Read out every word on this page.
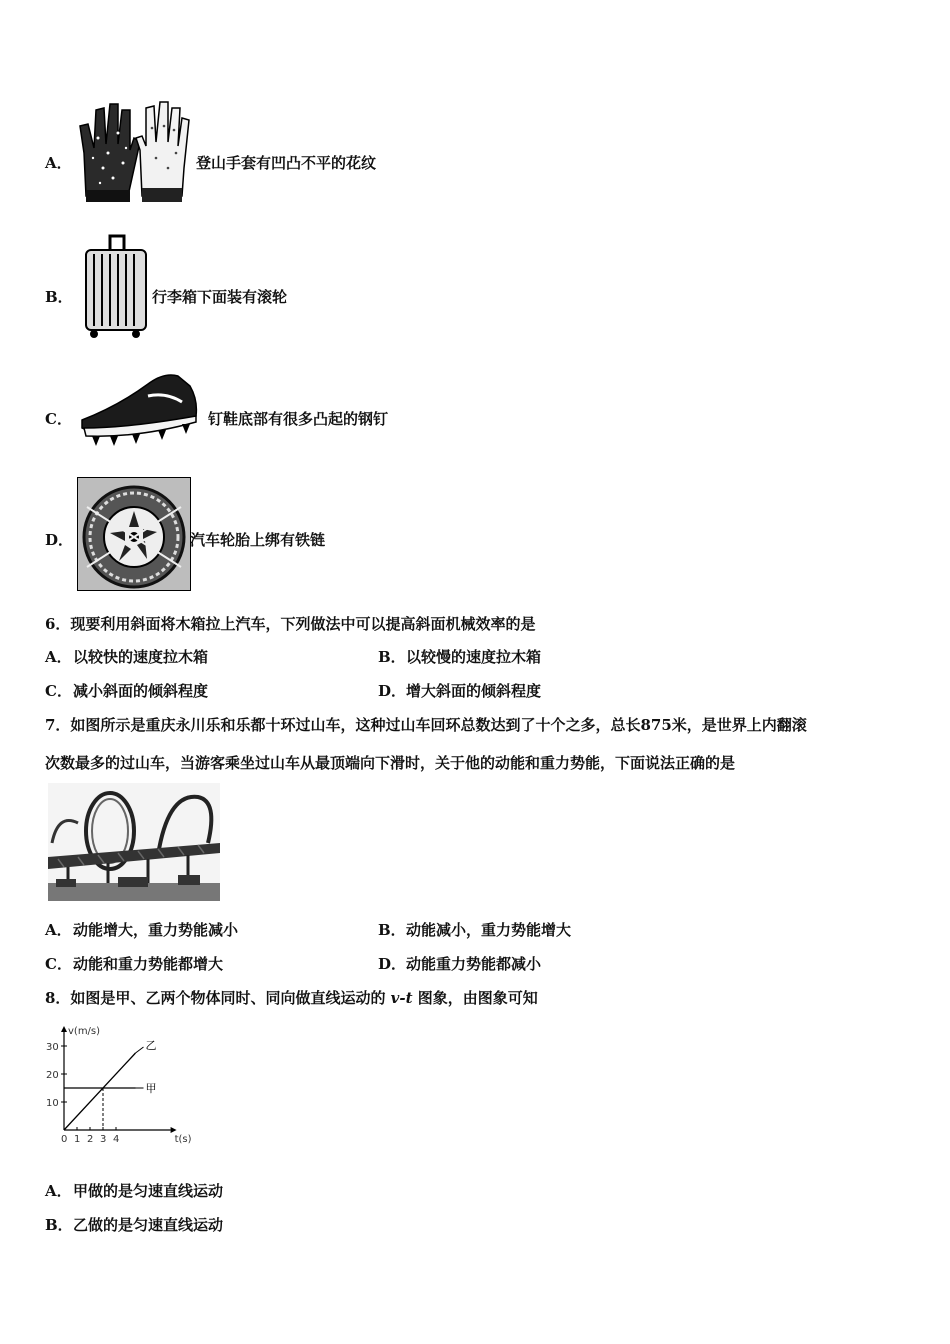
A．	登山手套有凹凸不平的花纹
B．	行李箱下面装有滚轮
C．	钉鞋底部有很多凸起的钢钉
D．	汽车轮胎上绑有铁链
6．现要利用斜面将木箱拉上汽车，下列做法中可以提高斜面机械效率的是
A．以较快的速度拉木箱	B．以较慢的速度拉木箱
C．减小斜面的倾斜程度	D．增大斜面的倾斜程度
7．如图所示是重庆永川乐和乐都十环过山车，这种过山车回环总数达到了十个之多，总长875米，是世界上内翻滚
次数最多的过山车，当游客乘坐过山车从最顶端向下滑时，关于他的动能和重力势能，下面说法正确的是
A．动能增大，重力势能减小	B．动能减小，重力势能增大
C．动能和重力势能都增大	D．动能重力势能都减小
8．如图是甲、乙两个物体同时、同向做直线运动的 v-t 图象，由图象可知
v(m/s)
t(s)
10
20
30
0 1 2 3 4
乙
甲
A．甲做的是匀速直线运动
B．乙做的是匀速直线运动
